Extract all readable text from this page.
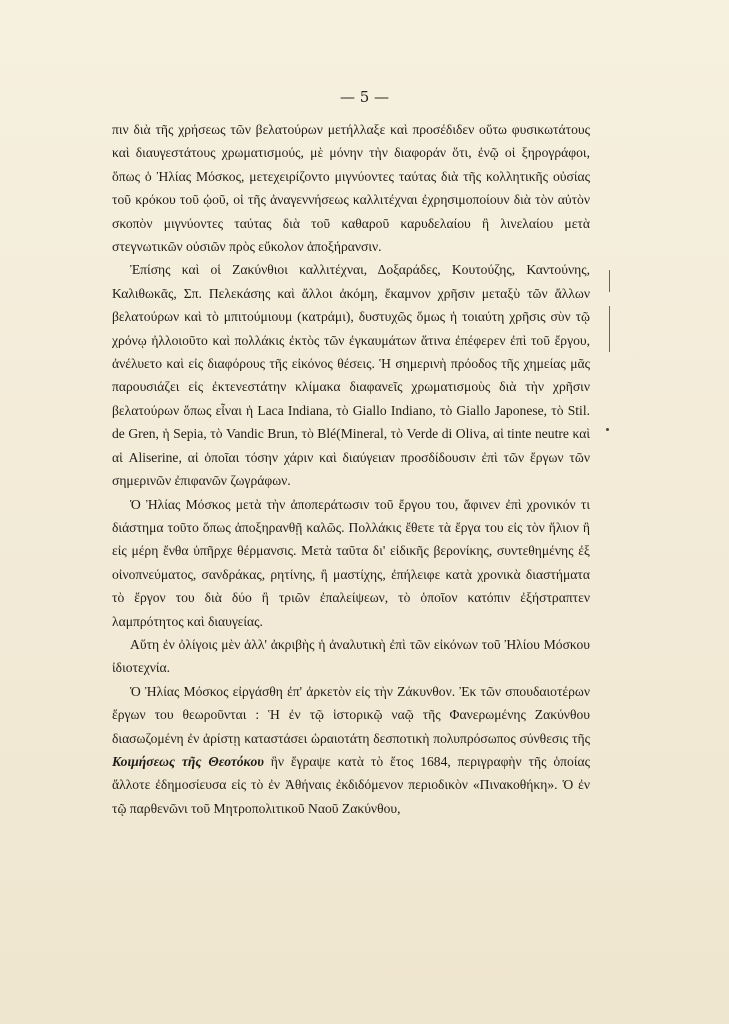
— 5 —

πιν διὰ τῆς χρήσεως τῶν βελατούρων μετήλλαξε καὶ προσέδιδεν οὕτω φυσικωτάτους καὶ διαυγεστάτους χρωματισμούς, μὲ μόνην τὴν διαφοράν ὅτι, ἐνῷ οἱ ξηρογράφοι, ὅπως ὁ Ἠλίας Μόσκος, μετεχειρίζοντο μιγνύοντες ταύτας διὰ τῆς κολλητικῆς οὐσίας τοῦ κρόκου τοῦ ᾠοῦ, οἱ τῆς ἀναγεννήσεως καλλιτέχναι ἐχρησιμοποίουν διὰ τὸν αὐτὸν σκοπὸν μιγνύοντες ταύτας διὰ τοῦ καθαροῦ καρυδελαίου ἢ λινελαίου μετὰ στεγνωτικῶν οὐσιῶν πρὸς εὔκολον ἀποξήρανσιν.

Ἐπίσης καὶ οἱ Ζακύνθιοι καλλιτέχναι, Δοξαράδες, Κουτούζης, Καντούνης, Καλιθωκᾶς, Σπ. Πελεκάσης καὶ ἄλλοι ἀκόμη, ἔκαμνον χρῆσιν μεταξὺ τῶν ἄλλων βελατούρων καὶ τὸ μπιτούμιουμ (κατράμι), δυστυχῶς ὅμως ἡ τοιαύτη χρῆσις σὺν τῷ χρόνῳ ἠλλοιοῦτο καὶ πολλάκις ἐκτὸς τῶν ἐγκαυμάτων ἅτινα ἐπέφερεν ἐπὶ τοῦ ἔργου, ἀνέλυετο καὶ εἰς διαφόρους τῆς εἰκόνος θέσεις. Ἡ σημερινὴ πρόοδος τῆς χημείας μᾶς παρουσιάζει εἰς ἐκτενεστάτην κλίμακα διαφανεῖς χρωματισμοὺς διὰ τὴν χρῆσιν βελατούρων ὅπως εἶναι ἡ Laca Indiana, τὸ Giallo Indiano, τὸ Giallo Japonese, τὸ Stil. de Gren, ἡ Sepia, τὸ Vandic Brun, τὸ Blé(Mineral, τὸ Verde di Oliva, αἱ tinte neutre καὶ αἱ Aliserine, αἱ ὁποῖαι τόσην χάριν καὶ διαύγειαν προσδίδουσιν ἐπὶ τῶν ἔργων τῶν σημερινῶν ἐπιφανῶν ζωγράφων.

Ὁ Ἠλίας Μόσκος μετὰ τὴν ἀποπεράτωσιν τοῦ ἔργου του, ἄφινεν ἐπὶ χρονικόν τι διάστημα τοῦτο ὅπως ἀποξηρανθῇ καλῶς. Πολλάκις ἔθετε τὰ ἔργα του εἰς τὸν ἥλιον ἢ εἰς μέρη ἔνθα ὑπῆρχε θέρμανσις. Μετὰ ταῦτα δι' εἰδικῆς βερονίκης, συντεθημένης ἐξ οἰνοπνεύματος, σανδράκας, ρητίνης, ἢ μαστίχης, ἐπήλειφε κατὰ χρονικὰ διαστήματα τὸ ἔργον του διὰ δύο ἢ τριῶν ἐπαλείψεων, τὸ ὁποῖον κατόπιν ἐξήστραπτεν λαμπρότητος καὶ διαυγείας.

Αὕτη ἐν ὀλίγοις μὲν ἀλλ' ἀκριβὴς ἡ ἀναλυτικὴ ἐπὶ τῶν εἰκόνων τοῦ Ἠλίου Μόσκου ἰδιοτεχνία.

Ὁ Ἠλίας Μόσκος εἰργάσθη ἐπ' ἀρκετὸν εἰς τὴν Ζάκυνθον. Ἐκ τῶν σπουδαιοτέρων ἔργων του θεωροῦνται : Ἡ ἐν τῷ ἱστορικῷ ναῷ τῆς Φανερωμένης Ζακύνθου διασωζομένη ἐν ἀρίστῃ καταστάσει ὡραιοτάτη δεσποτικὴ πολυπρόσωπος σύνθεσις τῆς Κοιμήσεως τῆς Θεοτόκου ἣν ἔγραψε κατὰ τὸ ἔτος 1684, περιγραφὴν τῆς ὁποίας ἄλλοτε ἐδημοσίευσα εἰς τὸ ἐν Ἀθήναις ἐκδιδόμενον περιοδικὸν «Πινακοθήκη». Ὁ ἐν τῷ παρθενῶνι τοῦ Μητροπολιτικοῦ Ναοῦ Ζακύνθου,
